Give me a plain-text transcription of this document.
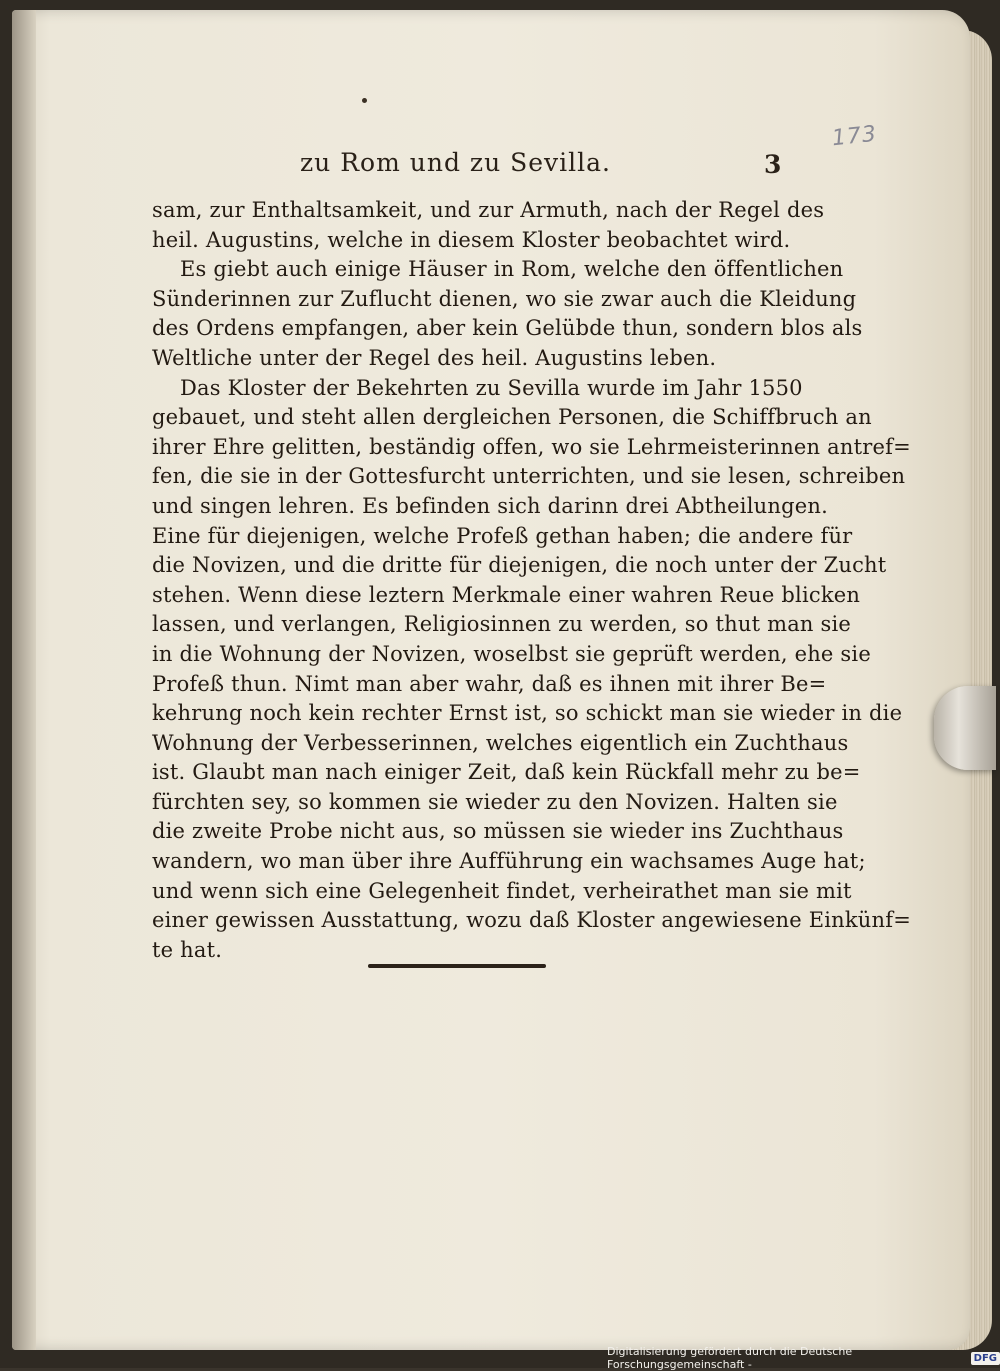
173
zu Rom und zu Sevilla.	3
sam, zur Enthaltsamkeit, und zur Armuth, nach der Regel des
heil. Augustins, welche in diesem Kloster beobachtet wird.
Es giebt auch einige Häuser in Rom, welche den öffentlichen
Sünderinnen zur Zuflucht dienen, wo sie zwar auch die Kleidung
des Ordens empfangen, aber kein Gelübde thun, sondern blos als
Weltliche unter der Regel des heil. Augustins leben.
Das Kloster der Bekehrten zu Sevilla wurde im Jahr 1550
gebauet, und steht allen dergleichen Personen, die Schiffbruch an
ihrer Ehre gelitten, beständig offen, wo sie Lehrmeisterinnen antref=
fen, die sie in der Gottesfurcht unterrichten, und sie lesen, schreiben
und singen lehren. Es befinden sich darinn drei Abtheilungen.
Eine für diejenigen, welche Profeß gethan haben; die andere für
die Novizen, und die dritte für diejenigen, die noch unter der Zucht
stehen. Wenn diese leztern Merkmale einer wahren Reue blicken
lassen, und verlangen, Religiosinnen zu werden, so thut man sie
in die Wohnung der Novizen, woselbst sie geprüft werden, ehe sie
Profeß thun. Nimt man aber wahr, daß es ihnen mit ihrer Be=
kehrung noch kein rechter Ernst ist, so schickt man sie wieder in die
Wohnung der Verbesserinnen, welches eigentlich ein Zuchthaus
ist. Glaubt man nach einiger Zeit, daß kein Rückfall mehr zu be=
fürchten sey, so kommen sie wieder zu den Novizen. Halten sie
die zweite Probe nicht aus, so müssen sie wieder ins Zuchthaus
wandern, wo man über ihre Aufführung ein wachsames Auge hat;
und wenn sich eine Gelegenheit findet, verheirathet man sie mit
einer gewissen Ausstattung, wozu daß Kloster angewiesene Einkünf=
te hat.
Digitalisierung gefördert durch die Deutsche Forschungsgemeinschaft -	DFG
